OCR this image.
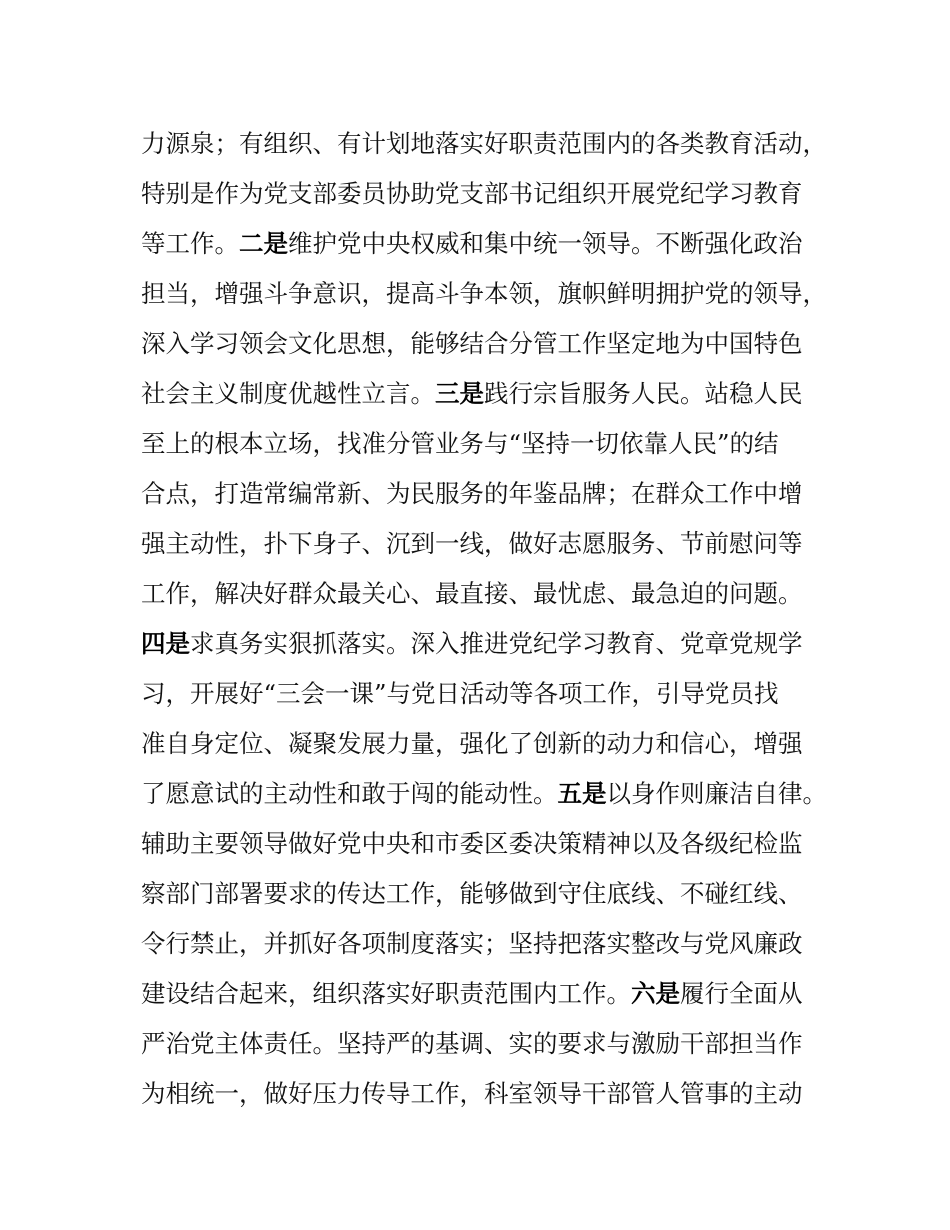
力源泉；有组织、有计划地落实好职责范围内的各类教育活动，
特别是作为党支部委员协助党支部书记组织开展党纪学习教育
等工作。二是维护党中央权威和集中统一领导。不断强化政治
担当，增强斗争意识，提高斗争本领，旗帜鲜明拥护党的领导，
深入学习领会文化思想，能够结合分管工作坚定地为中国特色
社会主义制度优越性立言。三是践行宗旨服务人民。站稳人民
至上的根本立场，找准分管业务与“坚持一切依靠人民”的结
合点，打造常编常新、为民服务的年鉴品牌；在群众工作中增
强主动性，扑下身子、沉到一线，做好志愿服务、节前慰问等
工作，解决好群众最关心、最直接、最忧虑、最急迫的问题。
四是求真务实狠抓落实。深入推进党纪学习教育、党章党规学
习，开展好“三会一课”与党日活动等各项工作，引导党员找
准自身定位、凝聚发展力量，强化了创新的动力和信心，增强
了愿意试的主动性和敢于闯的能动性。五是以身作则廉洁自律。
辅助主要领导做好党中央和市委区委决策精神以及各级纪检监
察部门部署要求的传达工作，能够做到守住底线、不碰红线、
令行禁止，并抓好各项制度落实；坚持把落实整改与党风廉政
建设结合起来，组织落实好职责范围内工作。六是履行全面从
严治党主体责任。坚持严的基调、实的要求与激励干部担当作
为相统一，做好压力传导工作，科室领导干部管人管事的主动
